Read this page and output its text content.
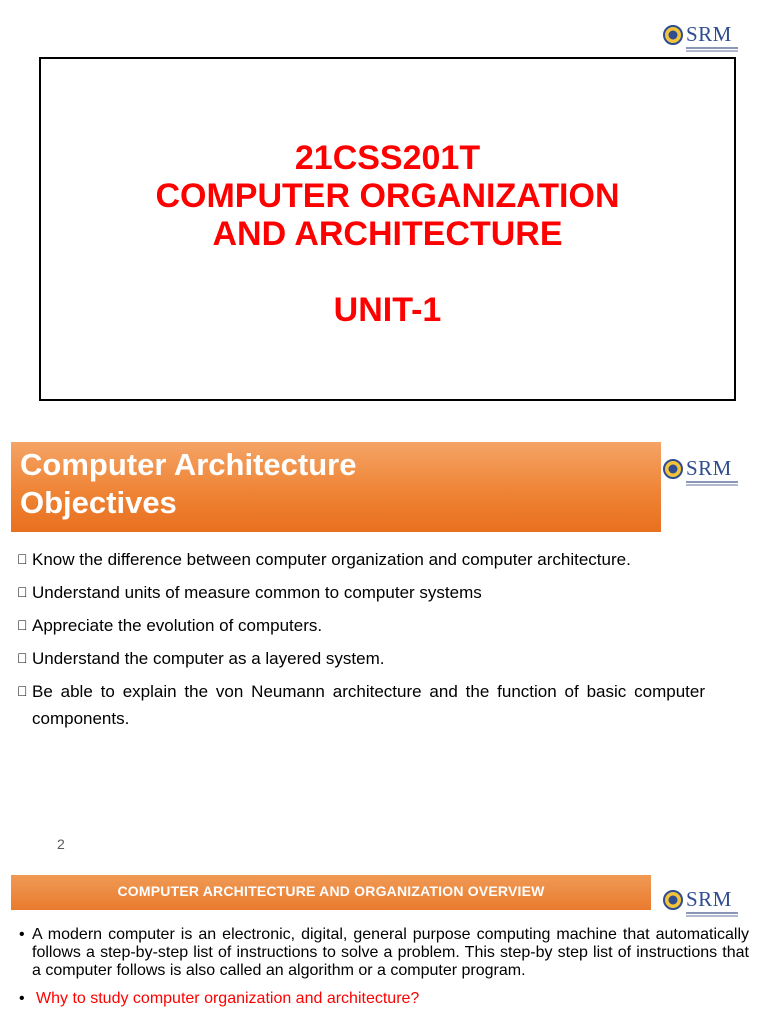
SRM
21CSS201T
COMPUTER ORGANIZATION
AND ARCHITECTURE
UNIT-1
Computer Architecture
Objectives
SRM
Know the difference between computer organization and computer architecture.
Understand units of measure common to computer systems
Appreciate the evolution of computers.
Understand the computer as a layered system.
Be able to explain the von Neumann architecture and the function of basic computer components.
2
COMPUTER ARCHITECTURE AND ORGANIZATION OVERVIEW	SRM
• A modern computer is an electronic, digital, general purpose computing machine that automatically follows a step-by-step list of instructions to solve a problem. This step-by step list of instructions that a computer follows is also called an algorithm or a computer program.
• Why to study computer organization and architecture?
